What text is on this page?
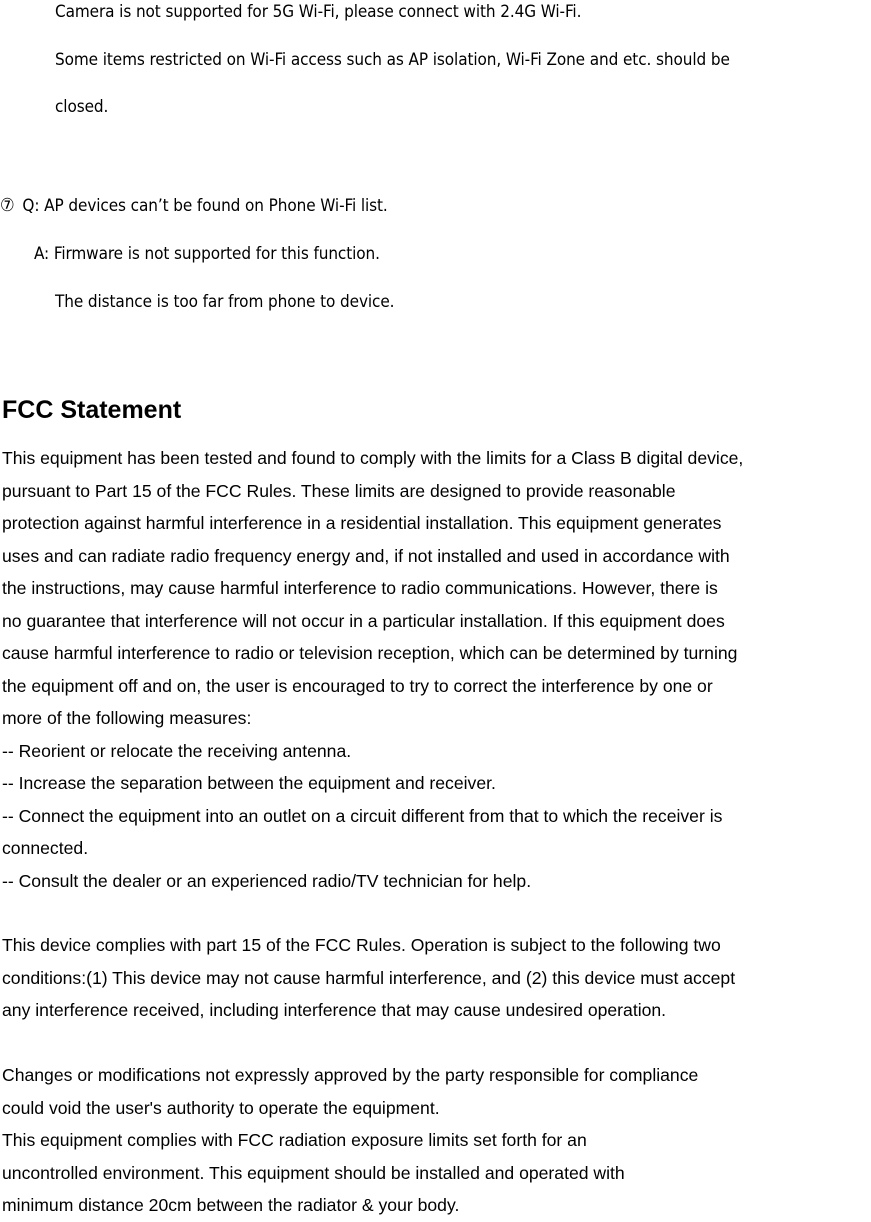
Camera is not supported for 5G Wi-Fi, please connect with 2.4G Wi-Fi.
Some items restricted on Wi-Fi access such as AP isolation, Wi-Fi Zone and etc. should be
closed.
⑦ Q: AP devices can’t be found on Phone Wi-Fi list.
A: Firmware is not supported for this function.
The distance is too far from phone to device.
FCC Statement
This equipment has been tested and found to comply with the limits for a Class B digital device,
pursuant to Part 15 of the FCC Rules. These limits are designed to provide reasonable
protection against harmful interference in a residential installation. This equipment generates
uses and can radiate radio frequency energy and, if not installed and used in accordance with
the instructions, may cause harmful interference to radio communications. However, there is
no guarantee that interference will not occur in a particular installation. If this equipment does
cause harmful interference to radio or television reception, which can be determined by turning
the equipment off and on, the user is encouraged to try to correct the interference by one or
more of the following measures:
-- Reorient or relocate the receiving antenna.
-- Increase the separation between the equipment and receiver.
-- Connect the equipment into an outlet on a circuit different from that to which the receiver is
connected.
-- Consult the dealer or an experienced radio/TV technician for help.
This device complies with part 15 of the FCC Rules. Operation is subject to the following two
conditions:(1) This device may not cause harmful interference, and (2) this device must accept
any interference received, including interference that may cause undesired operation.
Changes or modifications not expressly approved by the party responsible for compliance
could void the user's authority to operate the equipment.
This equipment complies with FCC radiation exposure limits set forth for an
uncontrolled environment. This equipment should be installed and operated with
minimum distance 20cm between the radiator & your body.
